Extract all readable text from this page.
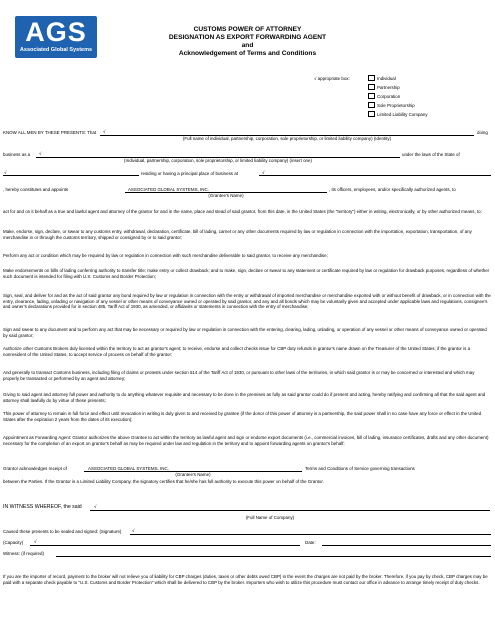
AGS
Associated Global Systems
CUSTOMS POWER OF ATTORNEY
DESIGNATION AS EXPORT FORWARDING AGENT
and
Acknowledgement of Terms and Conditions
√ appropriate box:	Individual
Partnership
Corporation
Sole Proprietorship
Limited Liability Company
KNOW ALL MEN BY THESE PRESENTS: That √	doing
(Full name of individual, partnership, corporation, sole proprietorship, or limited liability company) (Identity)
business as a √	under the laws of the State of
(Individual, partnership, corporation, sole proprietorship, or limited liability company) (insert one)
√	residing or having a principal place of business at	√
, hereby constitutes and appoints	ASSOCIATED GLOBAL SYSTEMS, INC.	, its officers, employees, and/or specifically authorized agents, to
(Grantee's Name)
act for and on it behalf as a true and lawful agent and attorney of the grantor for and in the name, place and stead of said grantor, from this date, in the United States (the "territory") either in writing, electronically, or by other authorized means, to:
Make, endorse, sign, declare, or swear to any customs entry, withdrawal, declaration, certificate, bill of lading, carnet or any other documents required by law or regulation in connection with the importation, exportation, transportation, of any merchandise in or through the customs territory, shipped or consigned by or to said grantor;
Perform any act or condition which may be required by law or regulation in connection with such merchandise deliverable to said grantor, to receive any merchandise;
Make endorsements on bills of lading conferring authority to transfer title; make entry or collect drawback; and to make, sign, declare or swear to any statement or certificate required by law or regulation for drawback purposes, regardless of whether such document is intended for filing with U.S. Customs and Border Protection;
Sign, seal, and deliver for and as the act of said grantor any bond required by law or regulation in connection with the entry or withdrawal of imported merchandise or merchandise exported with or without benefit of drawback, or in connection with the entry, clearance, lading, unlading or navigation of any vessel or other means of conveyance owned or operated by said grantor, and any and all bonds which may be voluntarily given and accepted under applicable laws and regulations, consignee's and owner's declarations provided for in section 485, Tariff Act of 1930, as amended, or affidavits or statements in connection with the entry of merchandise;
Sign and swear to any document and to perform any act that may be necessary or required by law or regulation in connection with the entering, clearing, lading, unlading, or operation of any vessel or other means of conveyance owned or operated by said grantor;
Authorize other Customs Brokers duly licensed within the territory to act as grantor's agent; to receive, endorse and collect checks issue for CBP duty refunds in grantor's name drawn on the Treasurer of the United States; if the grantor is a nonresident of the United States, to accept service of process on behalf of the grantor;
And generally to transact Customs business, including filing of claims or protests under section 514 of the Tariff Act of 1930, or pursuant to other laws of the territories, in which said grantor is or may be concerned or interested and which may properly be transacted or performed by an agent and attorney;
Giving to said agent and attorney full power and authority to do anything whatever requisite and necessary to be done in the premises as fully as said grantor could do if present and acting, hereby ratifying and confirming all that the said agent and attorney shall lawfully do by virtue of these presents;
This power of attorney to remain in full force and effect until revocation in writing is duly given to and received by grantee (if the donor of this power of attorney is a partnership, the said power shall in no case have any force or effect in the United States after the expiration 2 years from the dates of its execution);
Appointment as Forwarding Agent: Grantor authorizes the above Grantee to act within the territory as lawful agent and sign or endorse export documents (i.e., commercial invoices, bill of lading, insurance certificates, drafts and any other document) necessary for the completion of an export on grantor's behalf as may be required under law and regulation in the territory and to appoint forwarding agents on grantor's behalf;
Grantor acknowledges receipt of	ASSOCIATED GLOBAL SYSTEMS, INC.	Terms and Conditions of Service governing transactions
(Grantee's Name)
between the Parties. If the Grantor is a Limited Liability Company, the signatory certifies that he/she has full authority to execute this power on behalf of the Grantor.
IN WITNESS WHEREOF, the said	√
(Full Name of Company)
Caused these presents to be sealed and signed: (Signature) √
(Capacity) √	Date:
Witness: (if required)
If you are the importer of record, payment to the broker will not relieve you of liability for CBP charges (duties, taxes or other debts owed CBP) in the event the charges are not paid by the broker. Therefore, if you pay by check, CBP charges may be paid with a separate check payable to "U.S. Customs and Border Protection" which shall be delivered to CBP by the broker. Importers who wish to utilize this procedure must contact our office in advance to arrange timely receipt of duty checks.
